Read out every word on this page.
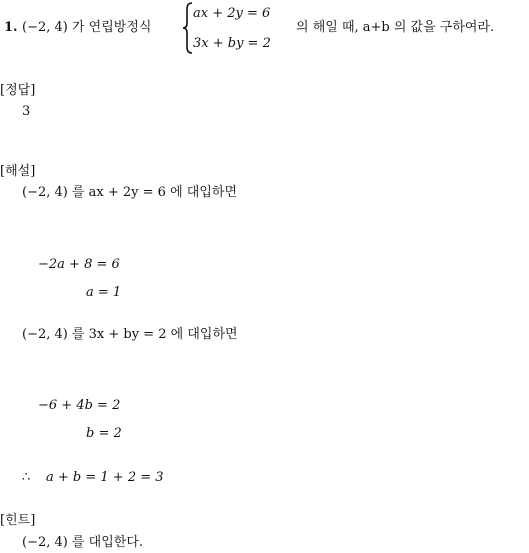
1. (−2, 4) 가 연립방정식
ax + 2y = 6
3x + by = 2
의 해일 때, a+b 의 값을 구하여라.
[정답]
3
[해설]
(−2, 4) 를 ax + 2y = 6 에 대입하면
−2a + 8 = 6
a = 1
(−2, 4) 를 3x + by = 2 에 대입하면
−6 + 4b = 2
b = 2
∴ a + b = 1 + 2 = 3
[힌트]
(−2, 4) 를 대입한다.
